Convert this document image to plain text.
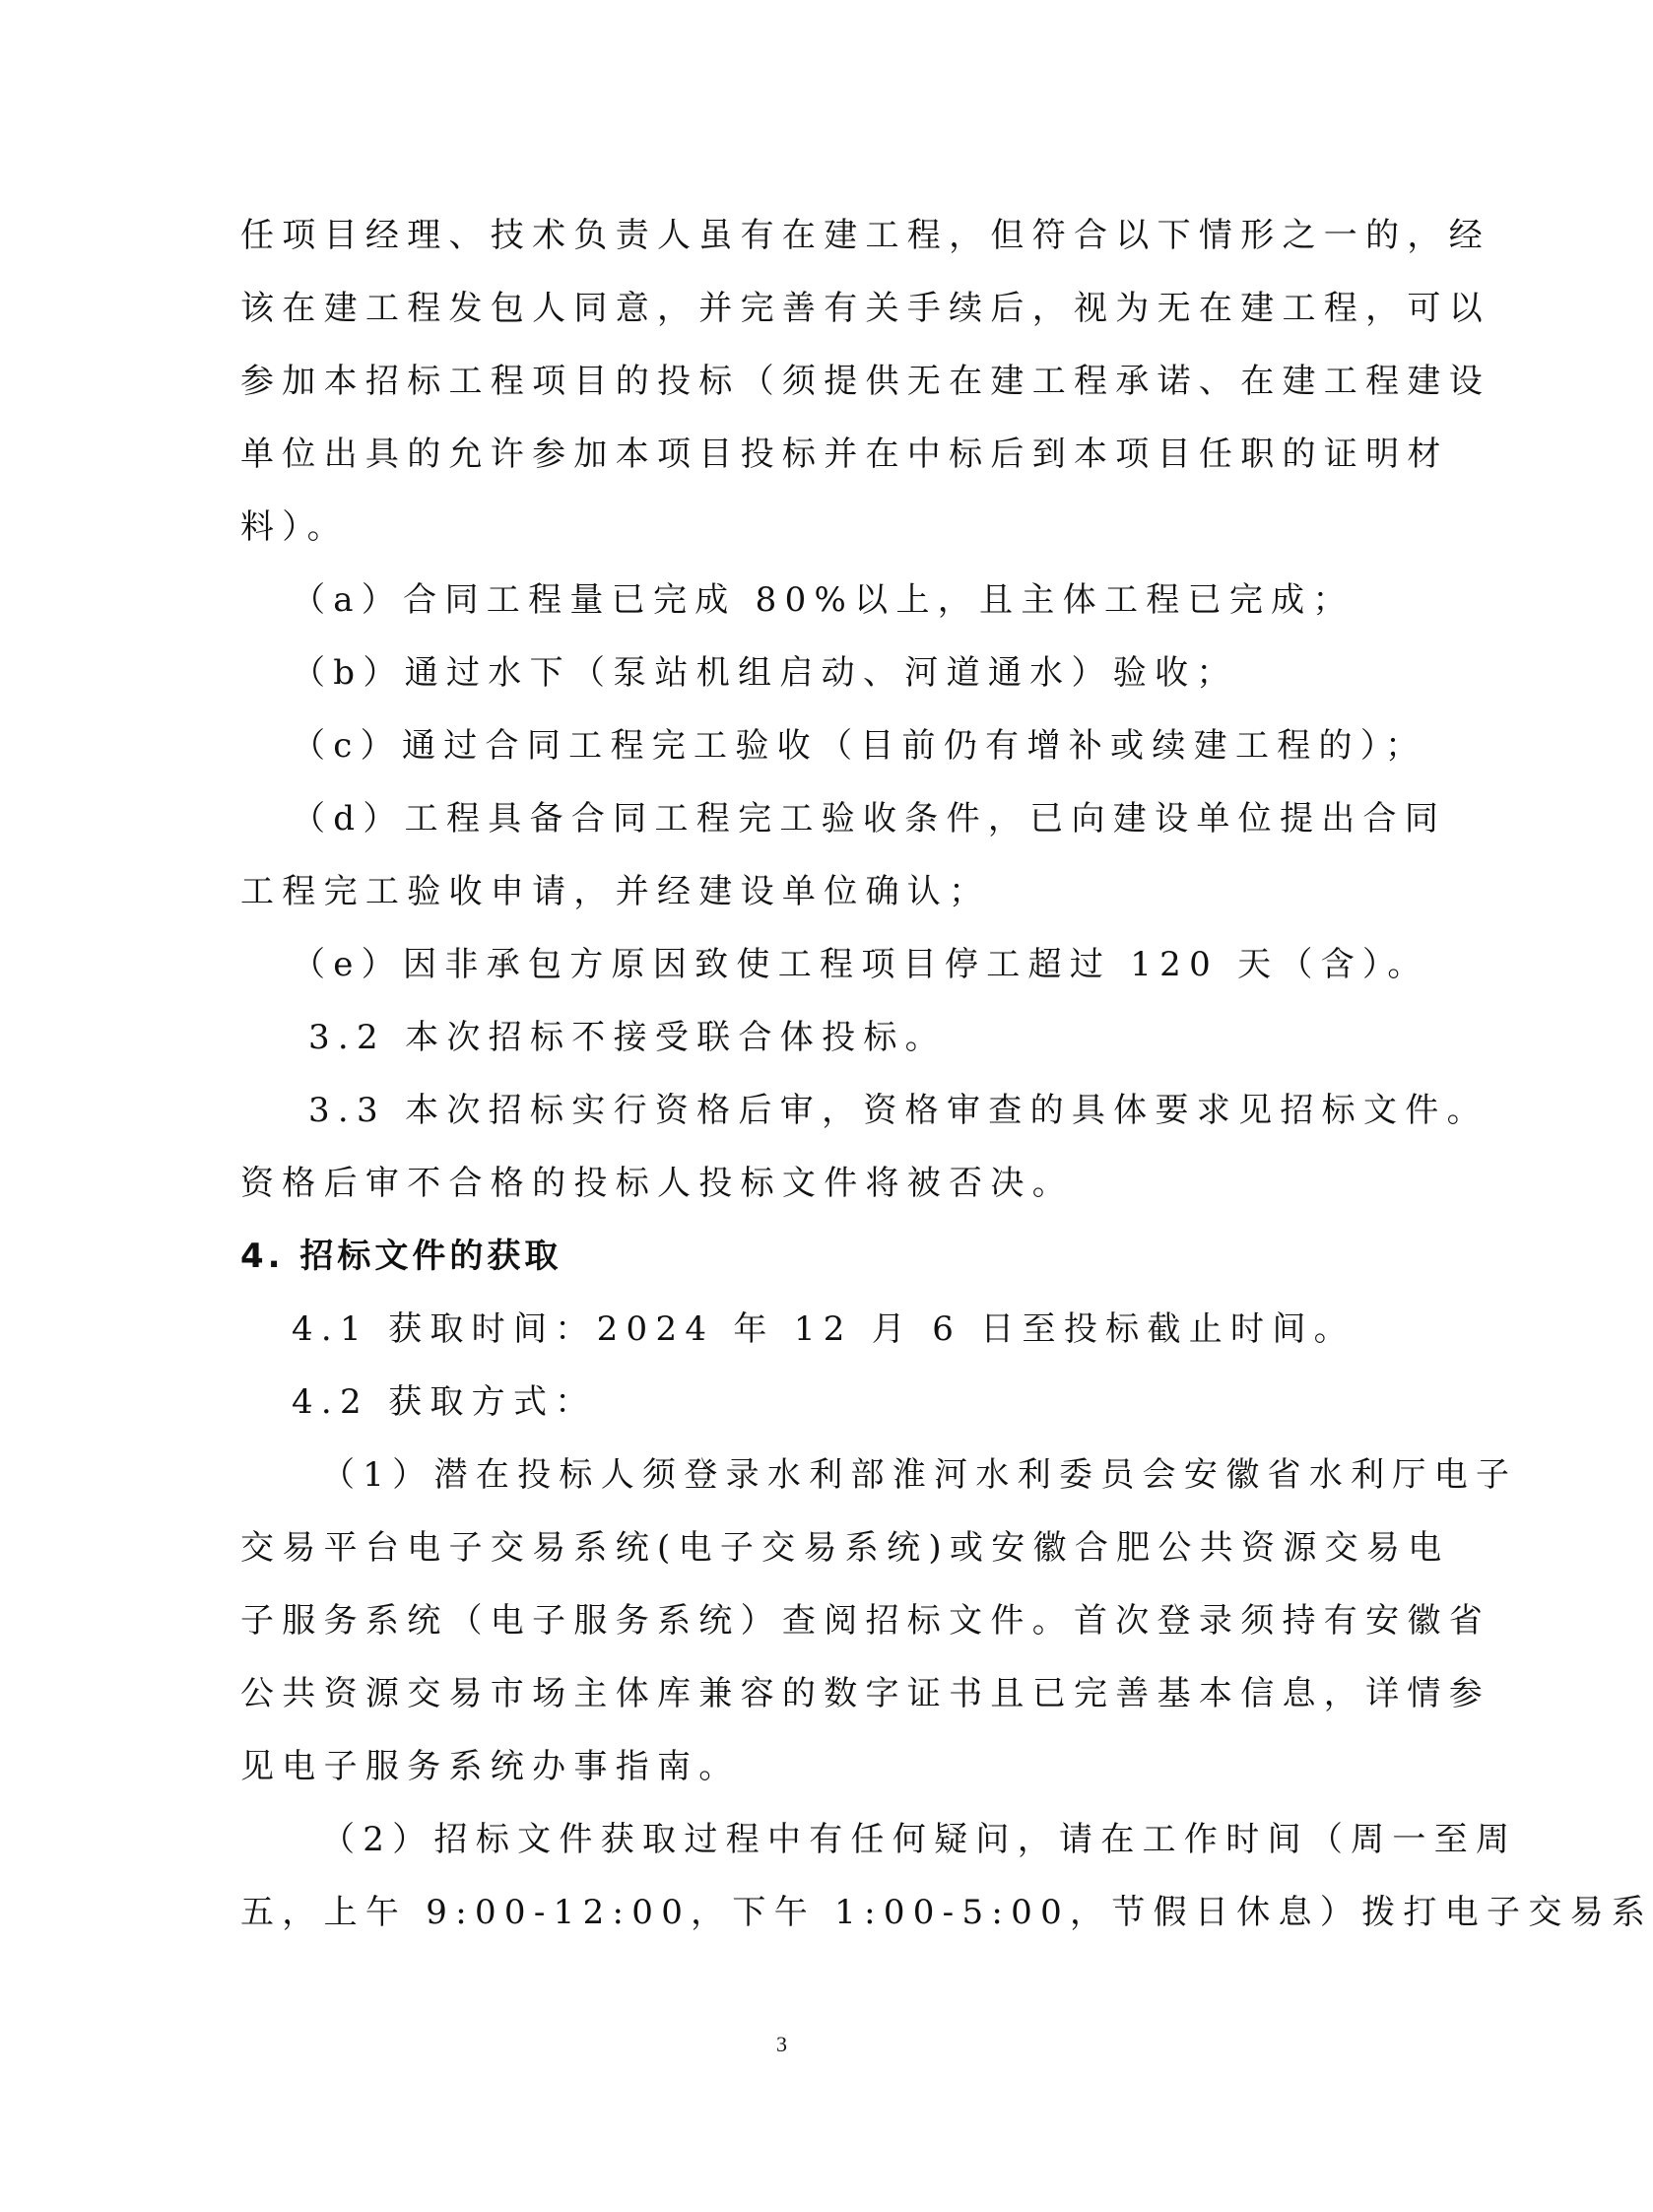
任项目经理、技术负责人虽有在建工程，但符合以下情形之一的，经
该在建工程发包人同意，并完善有关手续后，视为无在建工程，可以
参加本招标工程项目的投标（须提供无在建工程承诺、在建工程建设
单位出具的允许参加本项目投标并在中标后到本项目任职的证明材
料）。
（a）合同工程量已完成 80%以上，且主体工程已完成；
（b）通过水下（泵站机组启动、河道通水）验收；
（c）通过合同工程完工验收（目前仍有增补或续建工程的）；
（d）工程具备合同工程完工验收条件，已向建设单位提出合同
工程完工验收申请，并经建设单位确认；
（e）因非承包方原因致使工程项目停工超过 120 天（含）。
3.2 本次招标不接受联合体投标。
3.3 本次招标实行资格后审，资格审查的具体要求见招标文件。
资格后审不合格的投标人投标文件将被否决。
4. 招标文件的获取
4.1 获取时间：2024 年 12 月 6 日至投标截止时间。
4.2 获取方式：
（1）潜在投标人须登录水利部淮河水利委员会安徽省水利厅电子
交易平台电子交易系统(电子交易系统)或安徽合肥公共资源交易电
子服务系统（电子服务系统）查阅招标文件。首次登录须持有安徽省
公共资源交易市场主体库兼容的数字证书且已完善基本信息，详情参
见电子服务系统办事指南。
（2）招标文件获取过程中有任何疑问，请在工作时间（周一至周
五，上午 9:00-12:00，下午 1:00-5:00，节假日休息）拨打电子交易系
3
